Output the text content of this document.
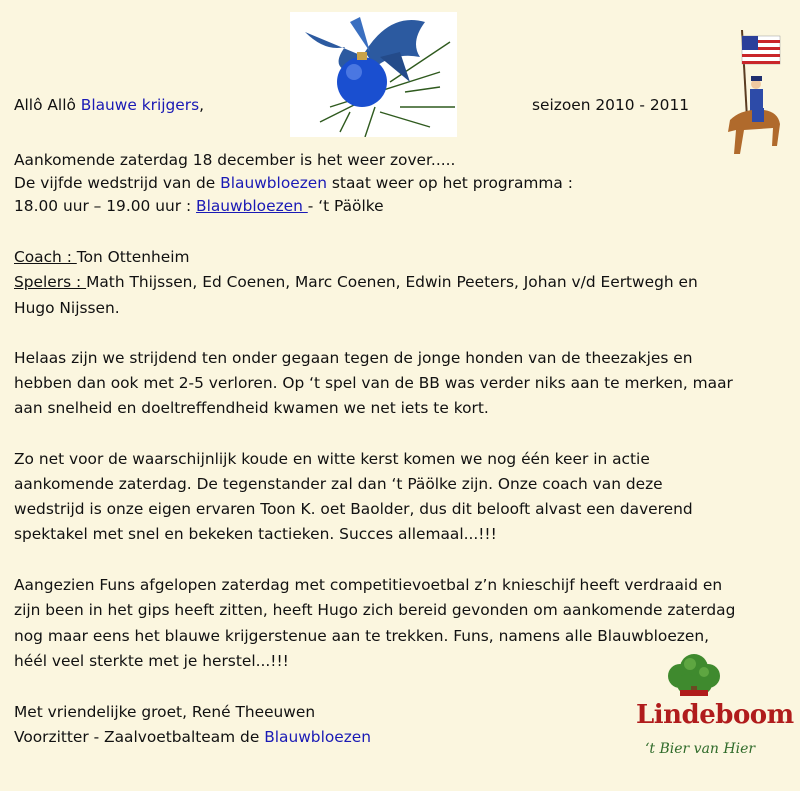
Allô Allô Blauwe krijgers,	seizoen 2010 - 2011
Aankomende zaterdag 18 december is het weer zover.....
De vijfde wedstrijd van de Blauwbloezen staat weer op het programma :
18.00 uur – 19.00 uur : Blauwbloezen - ‘t Päölke
Coach : Ton Ottenheim
Spelers : Math Thijssen, Ed Coenen, Marc Coenen, Edwin Peeters, Johan v/d Eertwegh en
Hugo Nijssen.
Helaas zijn we strijdend ten onder gegaan tegen de jonge honden van de theezakjes en
hebben dan ook met 2-5 verloren. Op ‘t spel van de BB was verder niks aan te merken, maar
aan snelheid en doeltreffendheid kwamen we net iets te kort.
Zo net voor de waarschijnlijk koude en witte kerst komen we nog één keer in actie
aankomende zaterdag. De tegenstander zal dan ‘t Päölke zijn. Onze coach van deze
wedstrijd is onze eigen ervaren Toon K. oet Baolder, dus dit belooft alvast een daverend
spektakel met snel en bekeken tactieken. Succes allemaal...!!!
Aangezien Funs afgelopen zaterdag met competitievoetbal z’n knieschijf heeft verdraaid en
zijn been in het gips heeft zitten, heeft Hugo zich bereid gevonden om aankomende zaterdag
nog maar eens het blauwe krijgerstenue aan te trekken. Funs, namens alle Blauwbloezen,
héél veel sterkte met je herstel...!!!
Met vriendelijke groet, René Theeuwen
Voorzitter - Zaalvoetbalteam de Blauwbloezen
Lindeboom
‘t Bier van Hier
